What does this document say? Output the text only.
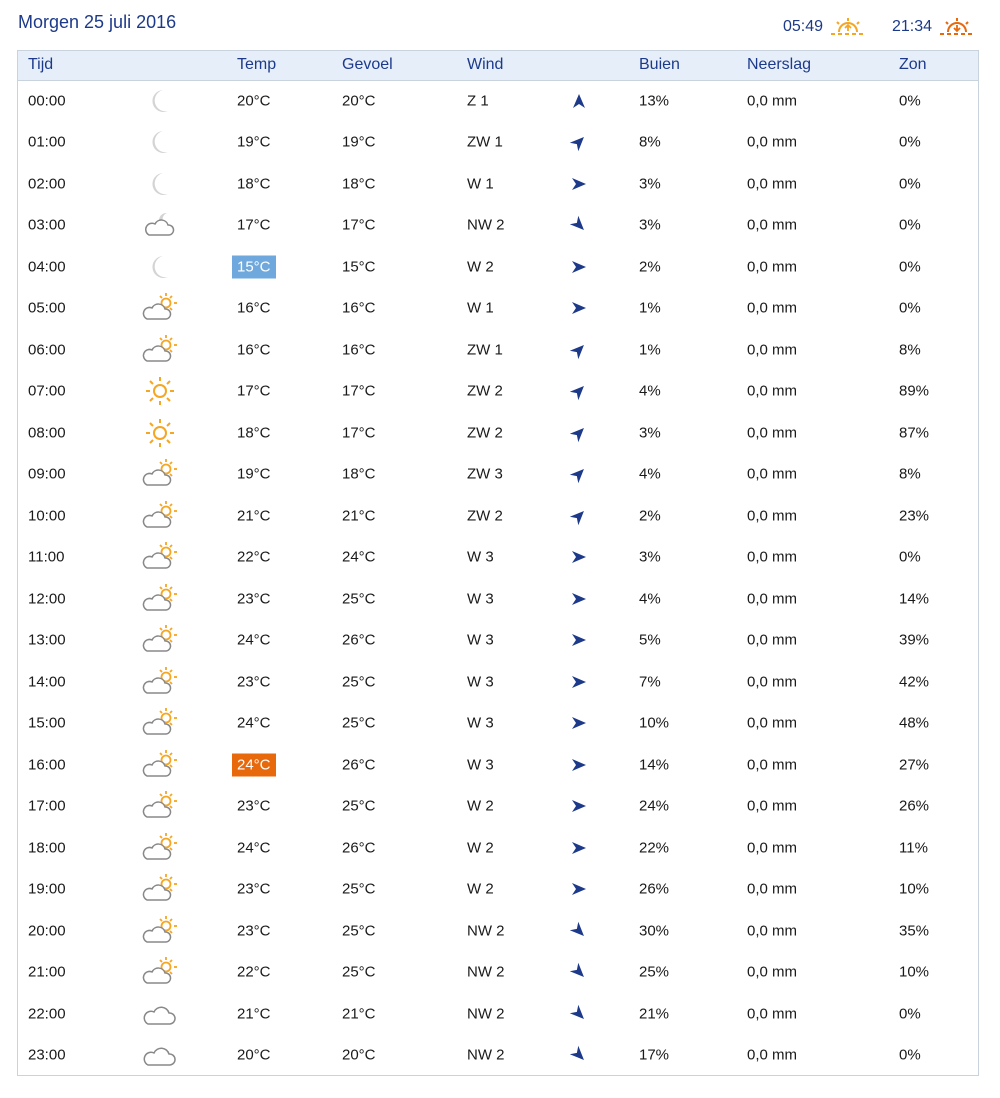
Morgen 25 juli 2016	05:49	21:34
Tijd	Temp	Gevoel	Wind	Buien	Neerslag	Zon
00:00	20°C	20°C	Z 1	13%	0,0 mm	0%
01:00	19°C	19°C	ZW 1	8%	0,0 mm	0%
02:00	18°C	18°C	W 1	3%	0,0 mm	0%
03:00	17°C	17°C	NW 2	3%	0,0 mm	0%
04:00	15°C	15°C	W 2	2%	0,0 mm	0%
05:00	16°C	16°C	W 1	1%	0,0 mm	0%
06:00	16°C	16°C	ZW 1	1%	0,0 mm	8%
07:00	17°C	17°C	ZW 2	4%	0,0 mm	89%
08:00	18°C	17°C	ZW 2	3%	0,0 mm	87%
09:00	19°C	18°C	ZW 3	4%	0,0 mm	8%
10:00	21°C	21°C	ZW 2	2%	0,0 mm	23%
11:00	22°C	24°C	W 3	3%	0,0 mm	0%
12:00	23°C	25°C	W 3	4%	0,0 mm	14%
13:00	24°C	26°C	W 3	5%	0,0 mm	39%
14:00	23°C	25°C	W 3	7%	0,0 mm	42%
15:00	24°C	25°C	W 3	10%	0,0 mm	48%
16:00	24°C	26°C	W 3	14%	0,0 mm	27%
17:00	23°C	25°C	W 2	24%	0,0 mm	26%
18:00	24°C	26°C	W 2	22%	0,0 mm	11%
19:00	23°C	25°C	W 2	26%	0,0 mm	10%
20:00	23°C	25°C	NW 2	30%	0,0 mm	35%
21:00	22°C	25°C	NW 2	25%	0,0 mm	10%
22:00	21°C	21°C	NW 2	21%	0,0 mm	0%
23:00	20°C	20°C	NW 2	17%	0,0 mm	0%
